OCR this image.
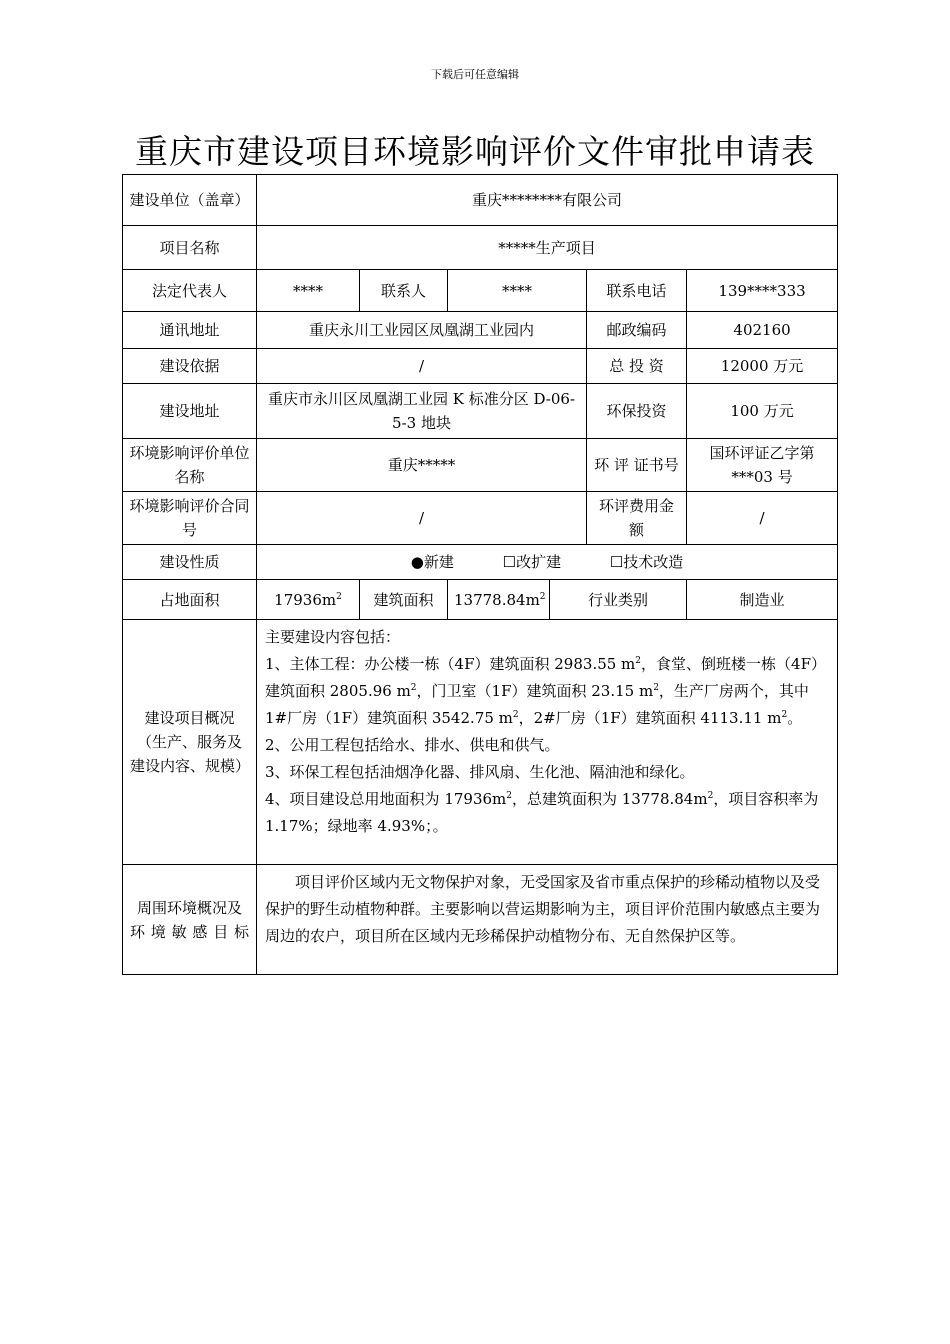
下载后可任意编辑
重庆市建设项目环境影响评价文件审批申请表
建设单位（盖章）	重庆********有限公司					
项目名称	*****生产项目					
法定代表人	****	联系人	****		联系电话	139****333
通讯地址	重庆永川工业园区凤凰湖工业园内				邮政编码	402160
建设依据	/				总 投 资	12000 万元
建设地址	重庆市永川区凤凰湖工业园 K 标准分区 D-06-5-3 地块				环保投资	100 万元
环境影响评价单位名称	重庆*****				环 评 证书号	国环评证乙字第***03 号
环境影响评价合同号	/				环评费用金额	/
建设性质	●新建 ☐改扩建 ☐技术改造					
占地面积	$17936m^2$	建筑面积	$13778.84m^2$	行业类别		制造业
建设项目概况（生产、服务及建设内容、规模）	主要建设内容包括：

1、主体工程：办公楼一栋（4F）建筑面积 2983.55 $m^2$，食堂、倒班楼一栋（4F）建筑面积 2805.96 $m^2$，门卫室（1F）建筑面积 23.15 $m^2$，生产厂房两个，其中 1#厂房（1F）建筑面积 3542.75 $m^2$，2#厂房（1F）建筑面积 4113.11 $m^2$。

2、公用工程包括给水、排水、供电和供气。

3、环保工程包括油烟净化器、排风扇、生化池、隔油池和绿化。

4、项目建设总用地面积为 $17936m^2$，总建筑面积为 $13778.84m^2$，项目容积率为 1.17%；绿地率 4.93%；。					

周围环境概况及环境敏感目标	项目评价区域内无文物保护对象，无受国家及省市重点保护的珍稀动植物以及受保护的野生动植物种群。主要影响以营运期影响为主，项目评价范围内敏感点主要为周边的农户，项目所在区域内无珍稀保护动植物分布、无自然保护区等。					
